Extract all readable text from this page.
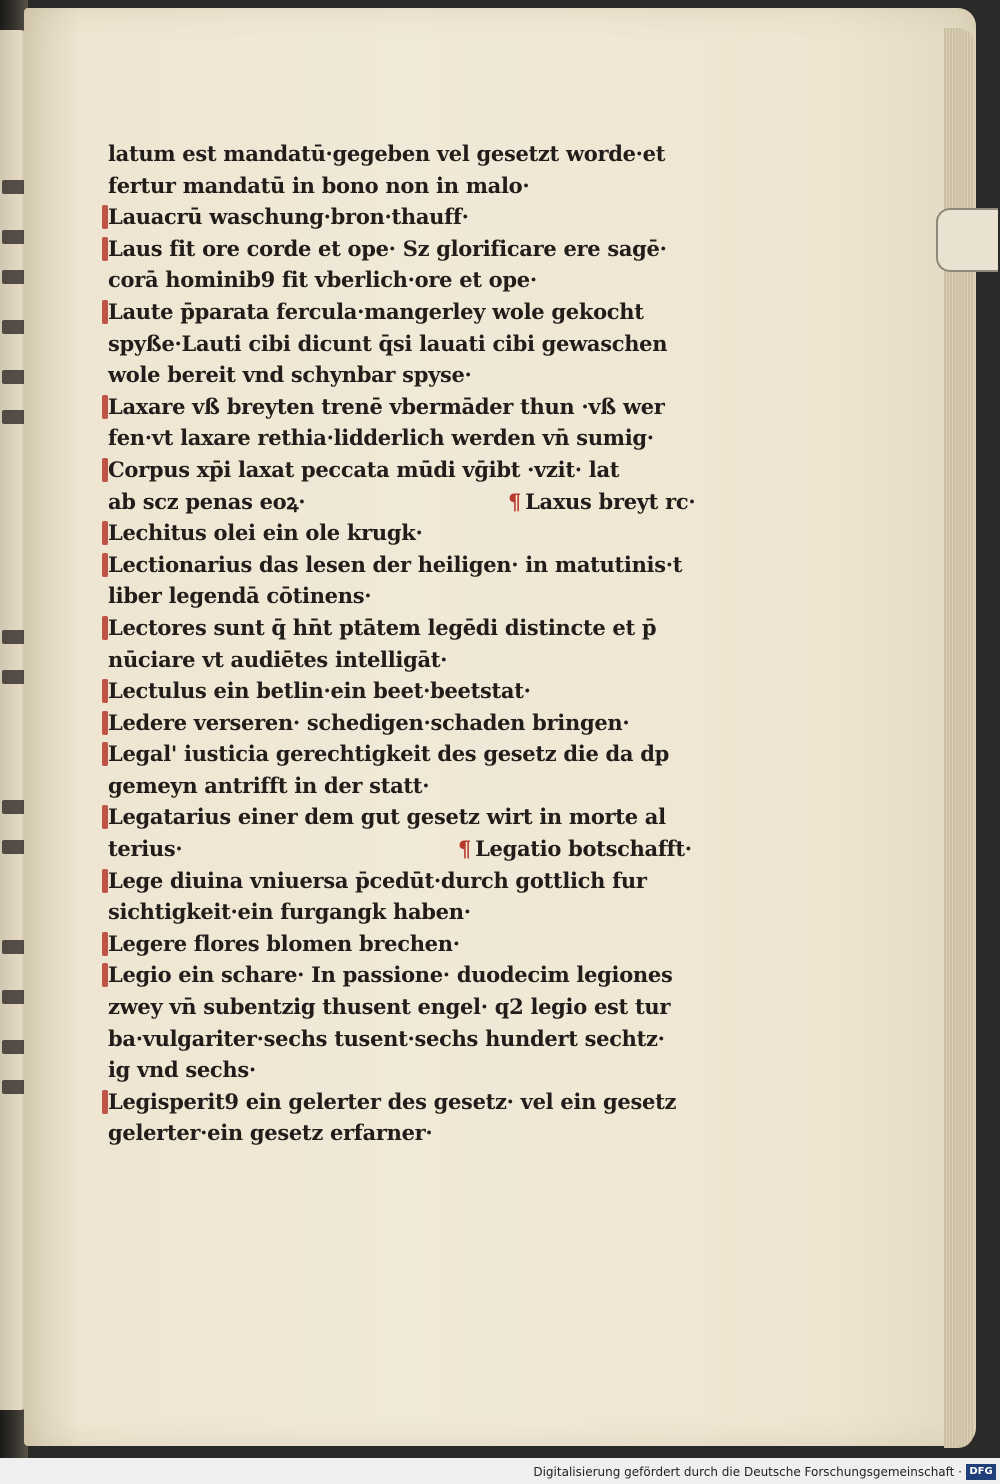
latum est mandatū·gegeben vel gesetzt worde·et
fertur mandatū in bono non in malo·
Lauacrū waschung·bron·thauff·
Laus fit ore corde et ope· Sz glorificare ere sagē·
corā hominib9 fit vberlich·ore et ope·
Laute p̄parata fercula·mangerley wole gekocht
spyße·Lauti cibi dicunt q̄si lauati cibi gewaschen
wole bereit vnd schynbar spyse·
Laxare vß breyten trenē vbermāder thun ·vß wer
fen·vt laxare rethia·lidderlich werden vn̄ sumig·
Corpus xp̄i laxat peccata mūdi vḡibt ·vzit· lat
ab scz penas eoꝝ·	¶ Laxus breyt rc·
Lechitus olei ein ole krugk·
Lectionarius das lesen der heiligen· in matutinis·t
liber legendā cōtinens·
Lectores sunt q̄ hn̄t ptātem legēdi distincte et p̄
nūciare vt audiētes intelligāt·
Lectulus ein betlin·ein beet·beetstat·
Ledere verseren· schedigen·schaden bringen·
Legal' iusticia gerechtigkeit des gesetz die da dp
gemeyn antrifft in der statt·
Legatarius einer dem gut gesetz wirt in morte al
terius·	¶ Legatio botschafft·
Lege diuina vniuersa p̄cedūt·durch gottlich fur
sichtigkeit·ein furgangk haben·
Legere flores blomen brechen·
Legio ein schare· In passione· duodecim legiones
zwey vn̄ subentzig thusent engel· q2 legio est tur
ba·vulgariter·sechs tusent·sechs hundert sechtz·
ig vnd sechs·
Legisperit9 ein gelerter des gesetz· vel ein gesetz
gelerter·ein gesetz erfarner·
Digitalisierung gefördert durch die Deutsche Forschungsgemeinschaft · DFG
